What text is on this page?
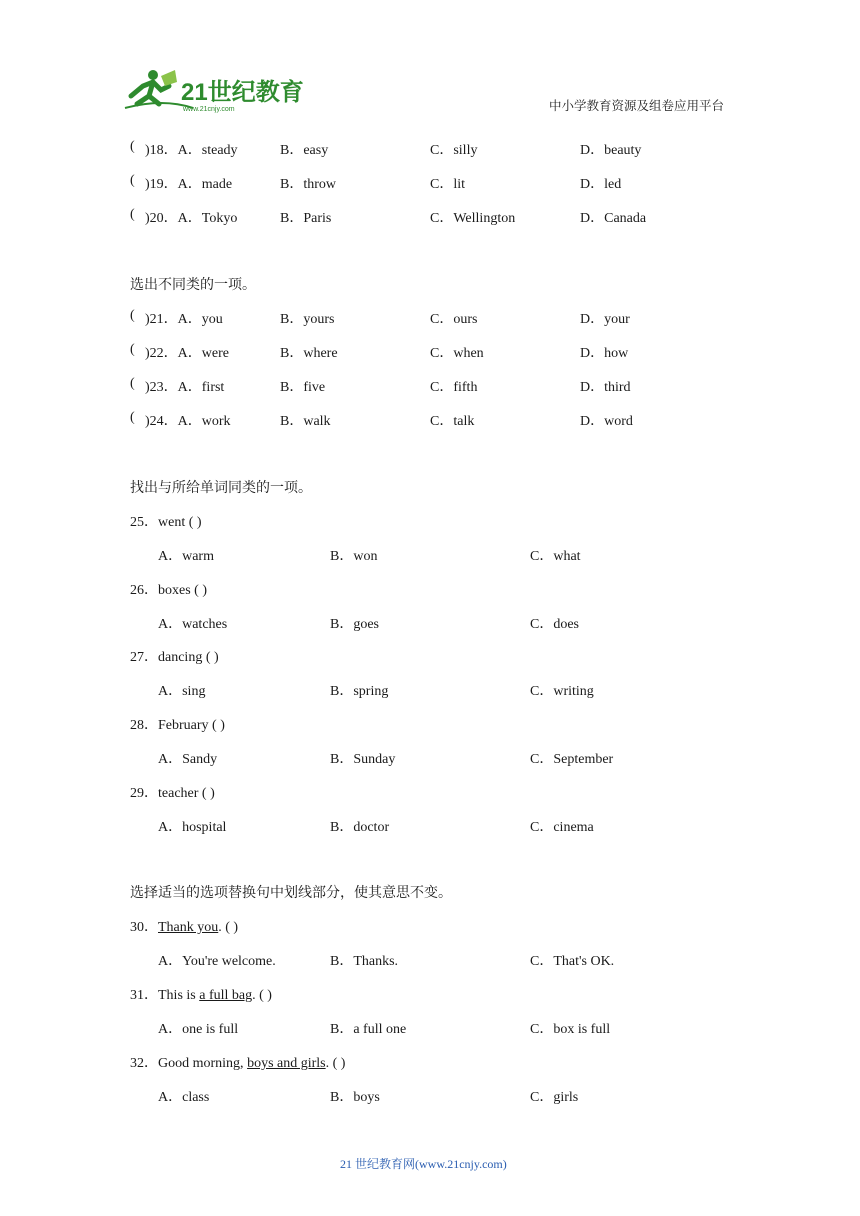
21世纪教育
www.21cnjy.com	中小学教育资源及组卷应用平台
( )18．A．steady	B．easy	C．silly	D．beauty
( )19．A．made	B．throw	C．lit	D．led
( )20．A．Tokyo	B．Paris	C．Wellington	D．Canada
选出不同类的一项。
( )21．A．you	B．yours	C．ours	D．your
( )22．A．were	B．where	C．when	D．how
( )23．A．first	B．five	C．fifth	D．third
( )24．A．work	B．walk	C．talk	D．word
找出与所给单词同类的一项。
25．went ( )
A．warm	B．won	C．what
26．boxes ( )
A．watches	B．goes	C．does
27．dancing ( )
A．sing	B．spring	C．writing
28．February ( )
A．Sandy	B．Sunday	C．September
29．teacher ( )
A．hospital	B．doctor	C．cinema
选择适当的选项替换句中划线部分，使其意思不变。
30．Thank you. ( )
A．You're welcome.	B．Thanks.	C．That's OK.
31．This is a full bag. ( )
A．one is full	B．a full one	C．box is full
32．Good morning, boys and girls. ( )
A．class	B．boys	C．girls
21 世纪教育网(www.21cnjy.com)
